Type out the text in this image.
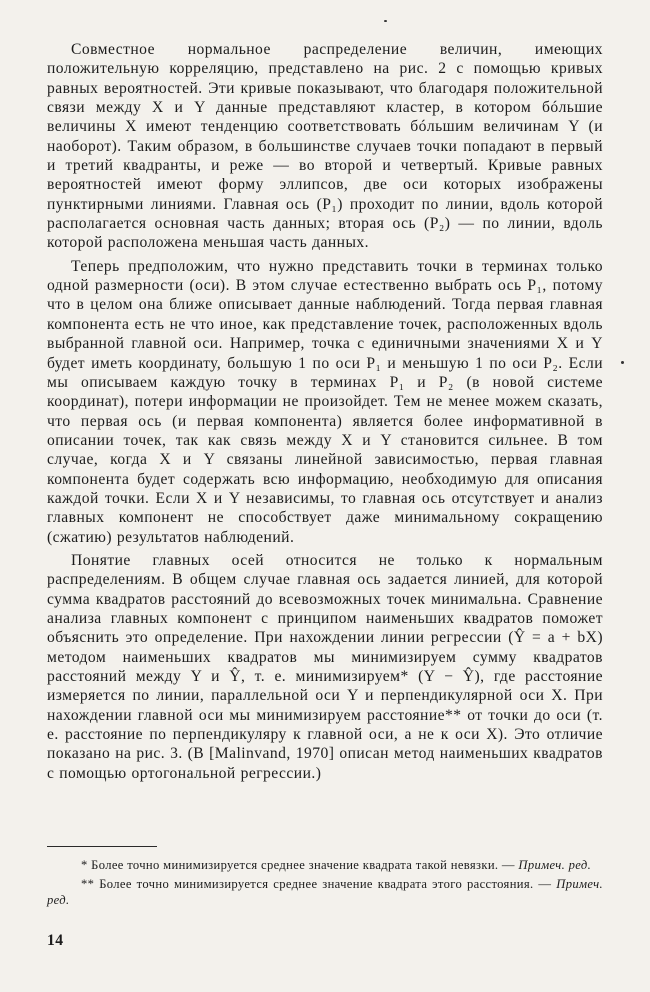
Совместное нормальное распределение величин, имеющих положительную корреляцию, представлено на рис. 2 с помощью кривых равных вероятностей. Эти кривые показывают, что благодаря положительной связи между X и Y данные представляют кластер, в котором бóльшие величины X имеют тенденцию соответствовать бóльшим величинам Y (и наоборот). Таким образом, в большинстве случаев точки попадают в первый и третий квадранты, и реже — во второй и четвертый. Кривые равных вероятностей имеют форму эллипсов, две оси которых изображены пунктирными линиями. Главная ось (P₁) проходит по линии, вдоль которой располагается основная часть данных; вторая ось (P₂) — по линии, вдоль которой расположена меньшая часть данных.

Теперь предположим, что нужно представить точки в терминах только одной размерности (оси). В этом случае естественно выбрать ось P₁, потому что в целом она ближе описывает данные наблюдений. Тогда первая главная компонента есть не что иное, как представление точек, расположенных вдоль выбранной главной оси. Например, точка с единичными значениями X и Y будет иметь координату, большую 1 по оси P₁ и меньшую 1 по оси P₂. Если мы описываем каждую точку в терминах P₁ и P₂ (в новой системе координат), потери информации не произойдет. Тем не менее можем сказать, что первая ось (и первая компонента) является более информативной в описании точек, так как связь между X и Y становится сильнее. В том случае, когда X и Y связаны линейной зависимостью, первая главная компонента будет содержать всю информацию, необходимую для описания каждой точки. Если X и Y независимы, то главная ось отсутствует и анализ главных компонент не способствует даже минимальному сокращению (сжатию) результатов наблюдений.

Понятие главных осей относится не только к нормальным распределениям. В общем случае главная ось задается линией, для которой сумма квадратов расстояний до всевозможных точек минимальна. Сравнение анализа главных компонент с принципом наименьших квадратов поможет объяснить это определение. При нахождении линии регрессии (Ŷ = a + bX) методом наименьших квадратов мы минимизируем сумму квадратов расстояний между Y и Ŷ, т. е. минимизируем* (Y − Ŷ), где расстояние измеряется по линии, параллельной оси Y и перпендикулярной оси X. При нахождении главной оси мы минимизируем расстояние** от точки до оси (т. е. расстояние по перпендикуляру к главной оси, а не к оси X). Это отличие показано на рис. 3. (В [Malinvand, 1970] описан метод наименьших квадратов с помощью ортогональной регрессии.)

* Более точно минимизируется среднее значение квадрата такой невязки. — Примеч. ред.

** Более точно минимизируется среднее значение квадрата этого расстояния. — Примеч. ред.

14
